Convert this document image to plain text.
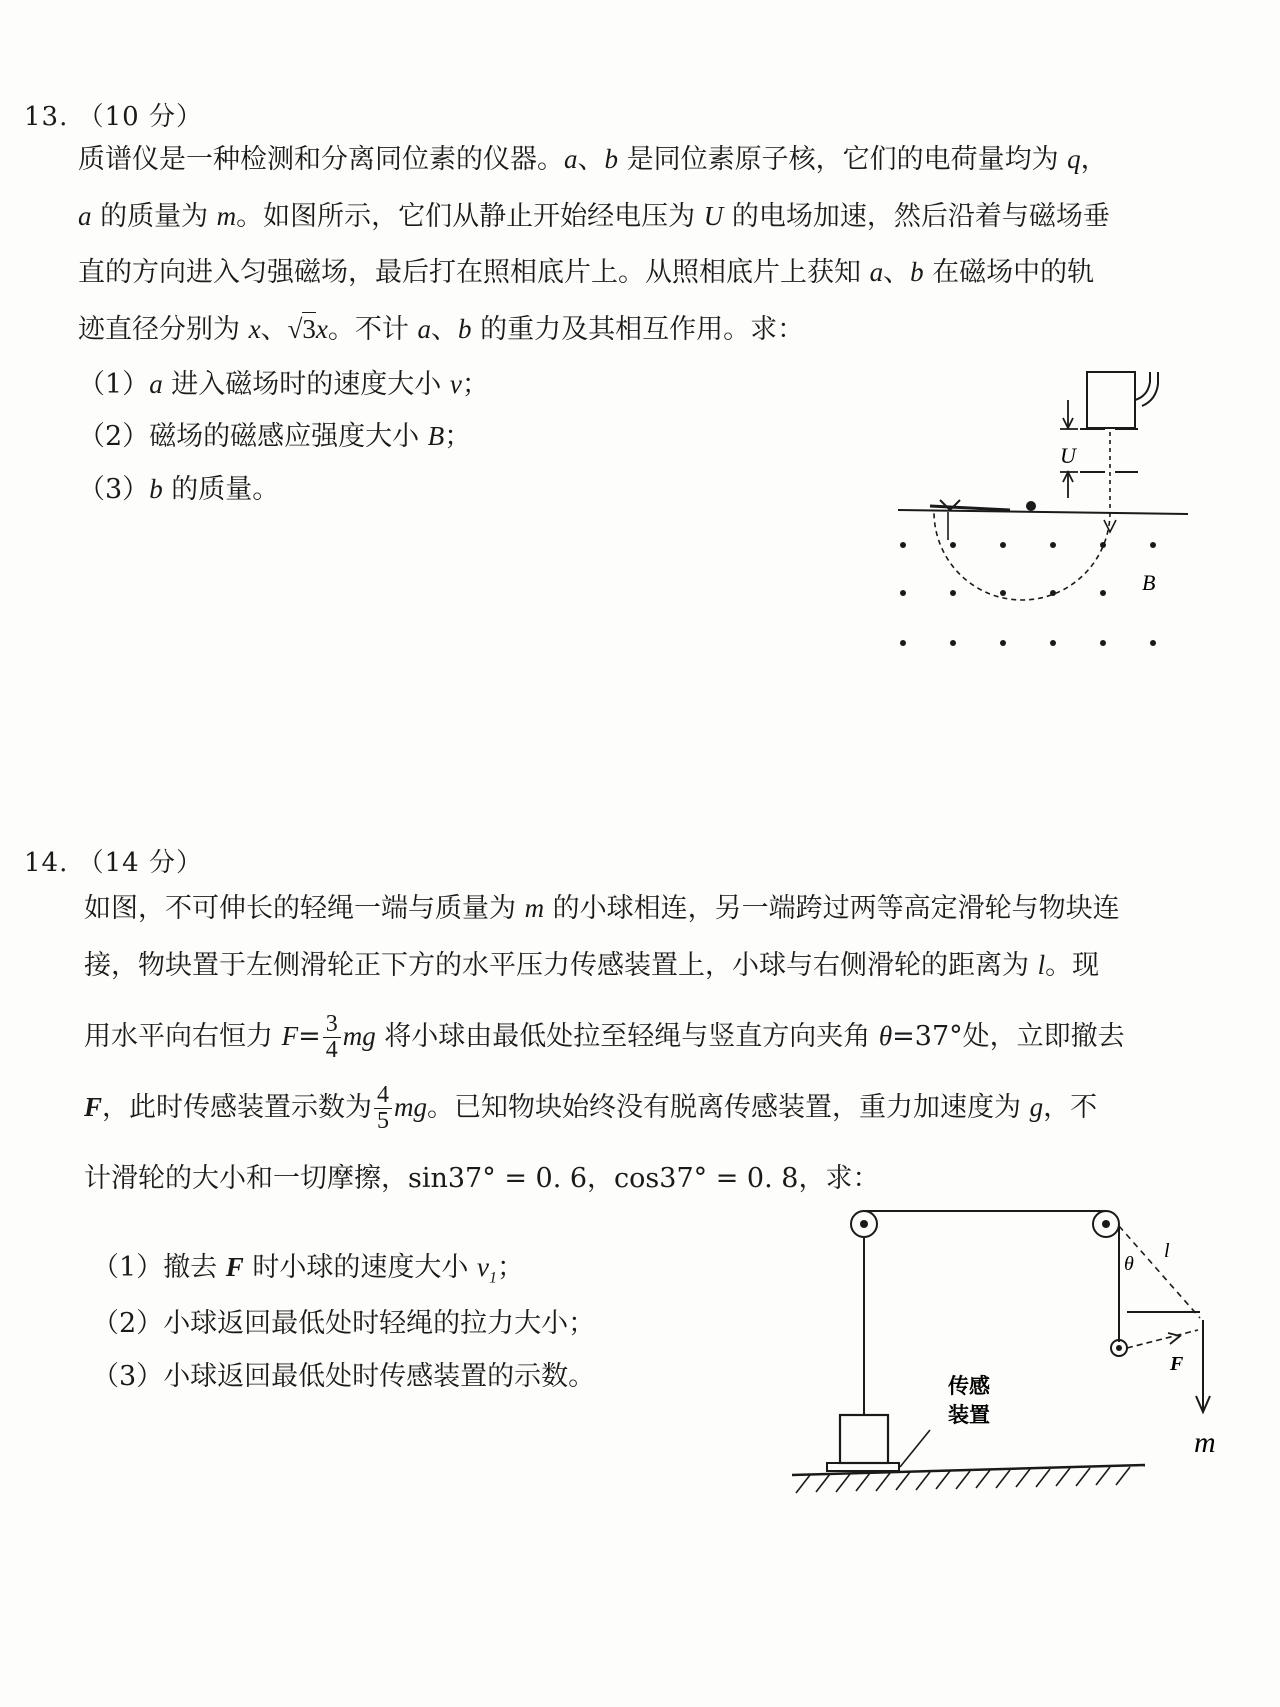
13. （10 分）
质谱仪是一种检测和分离同位素的仪器。a、b 是同位素原子核，它们的电荷量均为 q，
a 的质量为 m。如图所示，它们从静止开始经电压为 U 的电场加速，然后沿着与磁场垂
直的方向进入匀强磁场，最后打在照相底片上。从照相底片上获知 a、b 在磁场中的轨
迹直径分别为 x、√3x。不计 a、b 的重力及其相互作用。求：
（1）a 进入磁场时的速度大小 v；
（2）磁场的磁感应强度大小 B；
（3）b 的质量。
U
B
14. （14 分）
如图，不可伸长的轻绳一端与质量为 m 的小球相连，另一端跨过两等高定滑轮与物块连
接，物块置于左侧滑轮正下方的水平压力传感装置上，小球与右侧滑轮的距离为 l。现
用水平向右恒力 $F= \frac{3}{4}$ mg 将小球由最低处拉至轻绳与竖直方向夹角 θ=37°处，立即撤去
F，此时传感装置示数为 $\frac{4}{5}$ mg。已知物块始终没有脱离传感装置，重力加速度为 g，不
计滑轮的大小和一切摩擦，sin37° = 0. 6，cos37° = 0. 8，求：
（1）撤去 F 时小球的速度大小 $v_1$；
（2）小球返回最低处时轻绳的拉力大小；
（3）小球返回最低处时传感装置的示数。
θ
l
F
m
传感
装置
